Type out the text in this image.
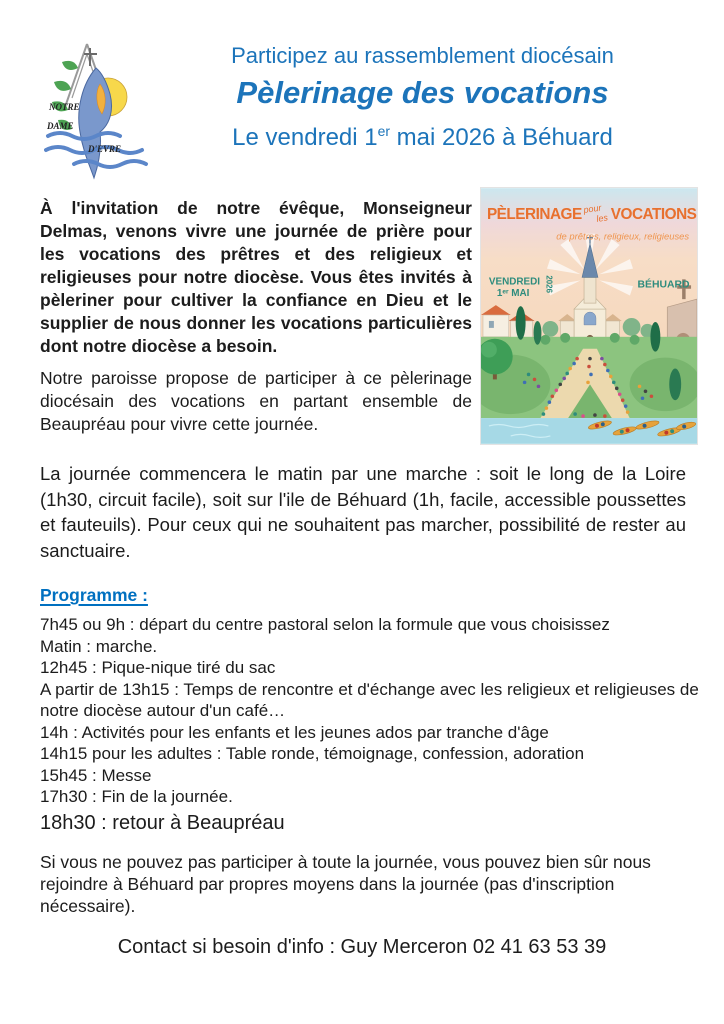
NOTRE
DAME
D'EVRE
Participez au rassemblement diocésain
Pèlerinage des vocations
Le vendredi 1er mai 2026 à Béhuard

À l'invitation de notre évêque, Monseigneur Delmas, venons vivre une journée de prière pour les vocations des prêtres et des religieux et religieuses pour notre diocèse. Vous êtes invités à pèleriner pour cultiver la confiance en Dieu et le supplier de nous donner les vocations particulières dont notre diocèse a besoin.

Notre paroisse propose de participer à ce pèlerinage diocésain des vocations en partant ensemble de Beaupréau pour vivre cette journée.

PÈLERINAGE pour
les VOCATIONS
de prêtres, religieux, religieuses
VENDREDI
1ᵉʳ MAI
2026	BÉHUARD

La journée commencera le matin par une marche : soit le long de la Loire (1h30, circuit facile), soit sur l'ile de Béhuard (1h, facile, accessible poussettes et fauteuils). Pour ceux qui ne souhaitent pas marcher, possibilité de rester au sanctuaire.

Programme :

7h45 ou 9h : départ du centre pastoral selon la formule que vous choisissez

Matin : marche.

12h45 : Pique-nique tiré du sac

A partir de 13h15 : Temps de rencontre et d'échange avec les religieux et religieuses de notre diocèse autour d'un café…

14h : Activités pour les enfants et les jeunes ados par tranche d'âge

14h15 pour les adultes : Table ronde, témoignage, confession, adoration

15h45 : Messe

17h30 : Fin de la journée.

18h30 : retour à Beaupréau

Si vous ne pouvez pas participer à toute la journée, vous pouvez bien sûr nous rejoindre à Béhuard par propres moyens dans la journée (pas d'inscription nécessaire).

Contact si besoin d'info : Guy Merceron 02 41 63 53 39
